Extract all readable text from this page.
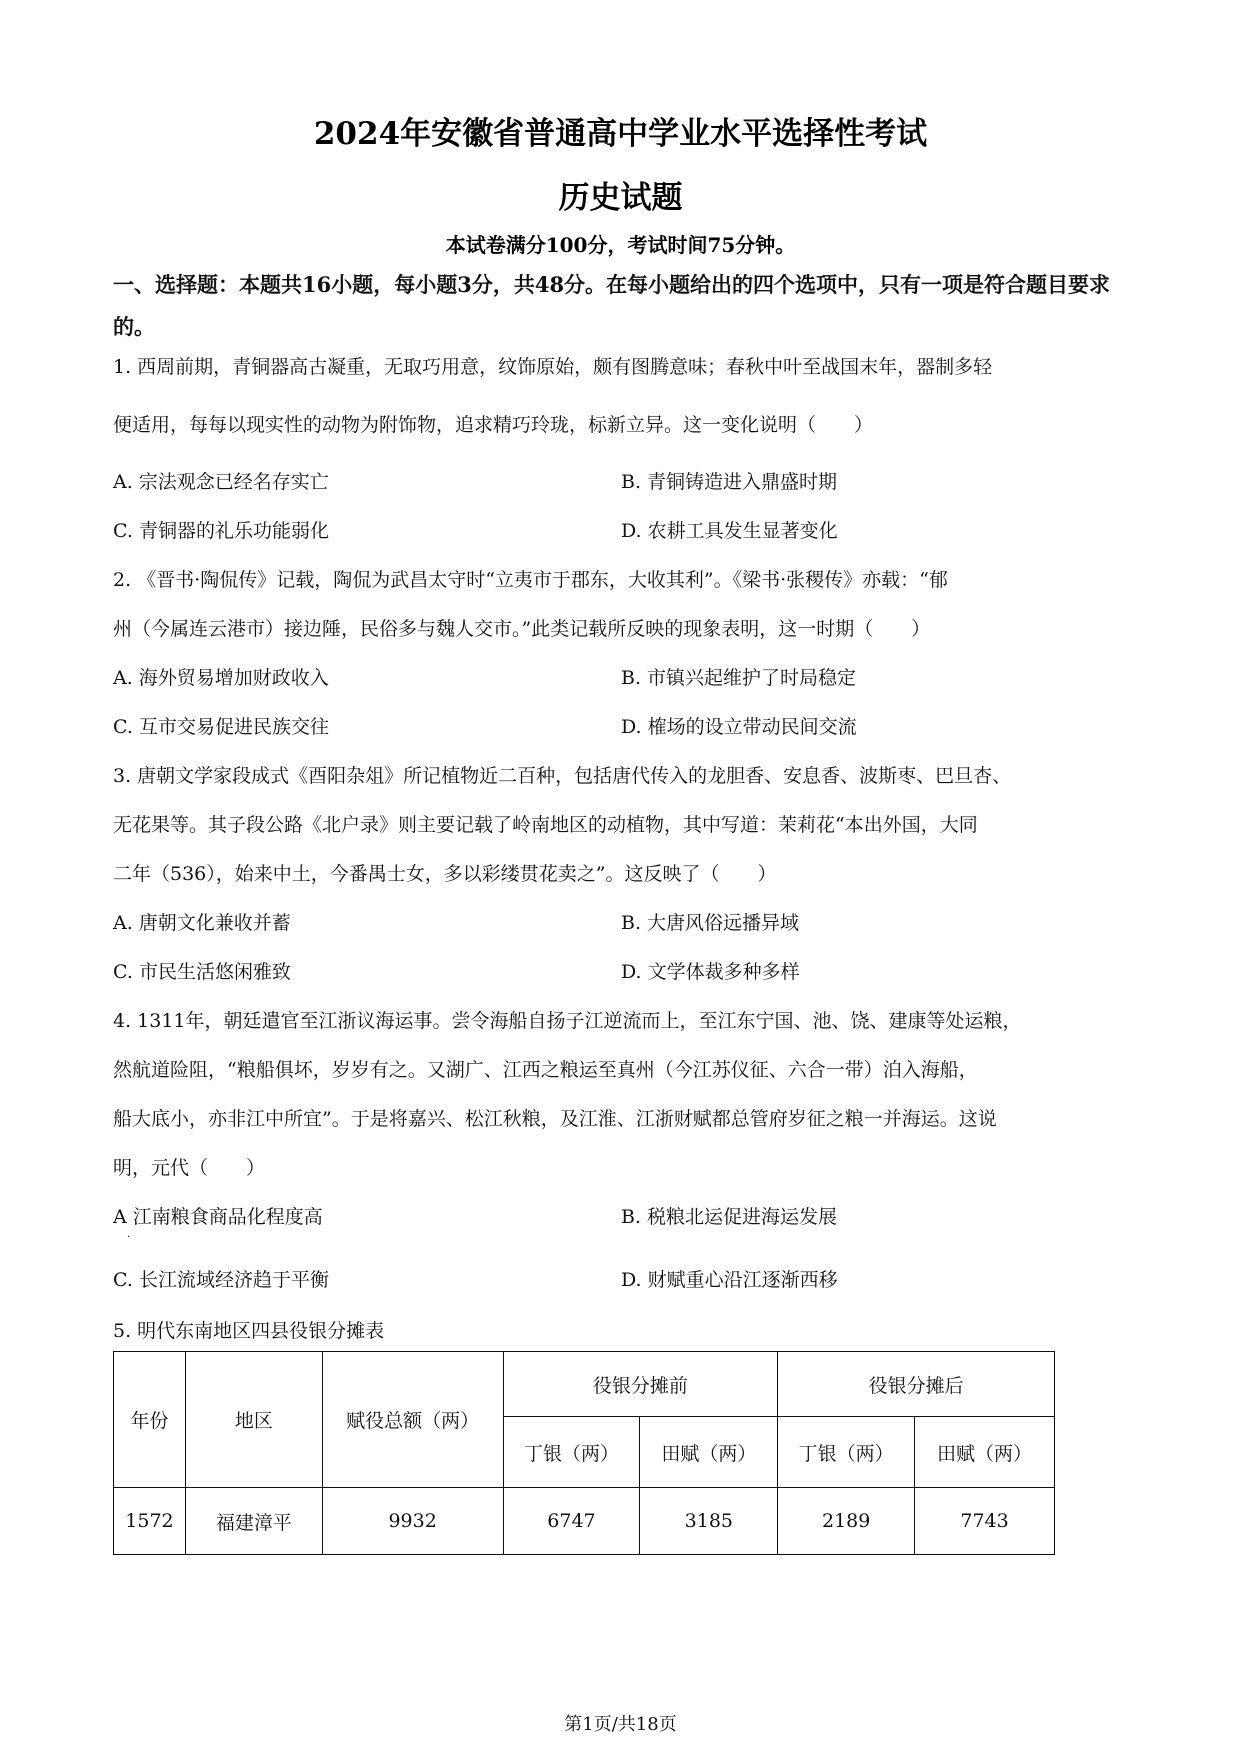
2024年安徽省普通高中学业水平选择性考试
历史试题
本试卷满分100分，考试时间75分钟。
一、选择题：本题共16小题，每小题3分，共48分。在每小题给出的四个选项中，只有一项是符合题目要求的。
1. 西周前期，青铜器高古凝重，无取巧用意，纹饰原始，颇有图腾意味；春秋中叶至战国末年，器制多轻
便适用，每每以现实性的动物为附饰物，追求精巧玲珑，标新立异。这一变化说明（　　）
A. 宗法观念已经名存实亡	B. 青铜铸造进入鼎盛时期
C. 青铜器的礼乐功能弱化	D. 农耕工具发生显著变化
2. 《晋书·陶侃传》记载，陶侃为武昌太守时“立夷市于郡东，大收其利”。《梁书·张稷传》亦载：“郁
州（今属连云港市）接边陲，民俗多与魏人交市。”此类记载所反映的现象表明，这一时期（　　）
A. 海外贸易增加财政收入	B. 市镇兴起维护了时局稳定
C. 互市交易促进民族交往	D. 榷场的设立带动民间交流
3. 唐朝文学家段成式《酉阳杂俎》所记植物近二百种，包括唐代传入的龙胆香、安息香、波斯枣、巴旦杏、
无花果等。其子段公路《北户录》则主要记载了岭南地区的动植物，其中写道：茉莉花“本出外国，大同
二年（536），始来中土，今番禺士女，多以彩缕贯花卖之”。这反映了（　　）
A. 唐朝文化兼收并蓄	B. 大唐风俗远播异域
C. 市民生活悠闲雅致	D. 文学体裁多种多样
4. 1311年，朝廷遣官至江浙议海运事。尝令海船自扬子江逆流而上，至江东宁国、池、饶、建康等处运粮，
然航道险阻，“粮船俱坏，岁岁有之。又湖广、江西之粮运至真州（今江苏仪征、六合一带）泊入海船，
船大底小，亦非江中所宜”。于是将嘉兴、松江秋粮，及江淮、江浙财赋都总管府岁征之粮一并海运。这说
明，元代（　　）
A 江南粮食商品化程度高
·
B. 税粮北运促进海运发展
C. 长江流域经济趋于平衡	D. 财赋重心沿江逐渐西移
5. 明代东南地区四县役银分摊表
年份	地区	赋役总额（两）	役银分摊前		役银分摊后	
			丁银（两）	田赋（两）	丁银（两）	田赋（两）
1572	福建漳平	9932	6747	3185	2189	7743
第1页/共18页
